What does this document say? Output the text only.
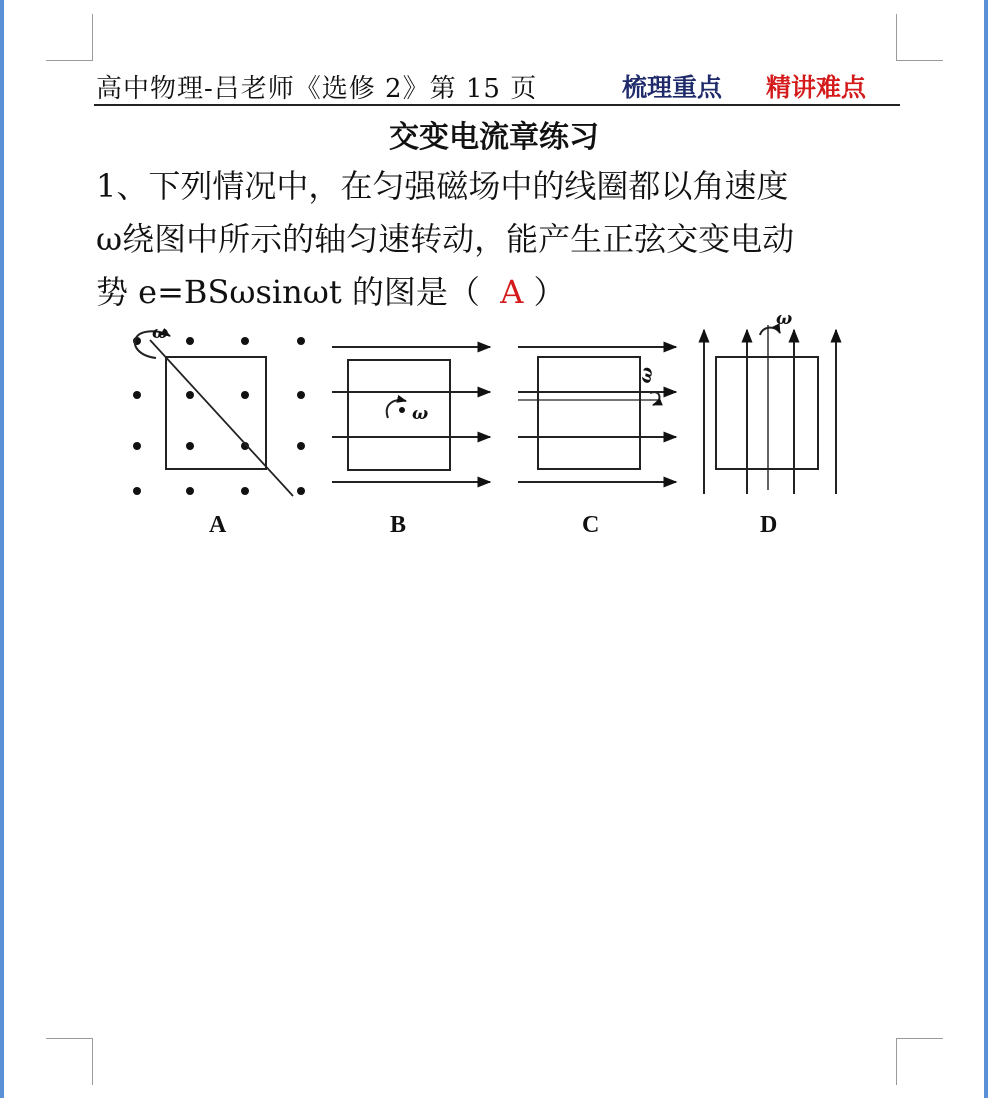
高中物理-吕老师《选修 2》第 15 页	梳理重点 精讲难点
交变电流章练习
1、下列情况中，在匀强磁场中的线圈都以角速度
ω绕图中所示的轴匀速转动，能产生正弦交变电动
势 e=BSωsinωt 的图是（ A ）
ω
ω
ω
ω
A	B	C	D
